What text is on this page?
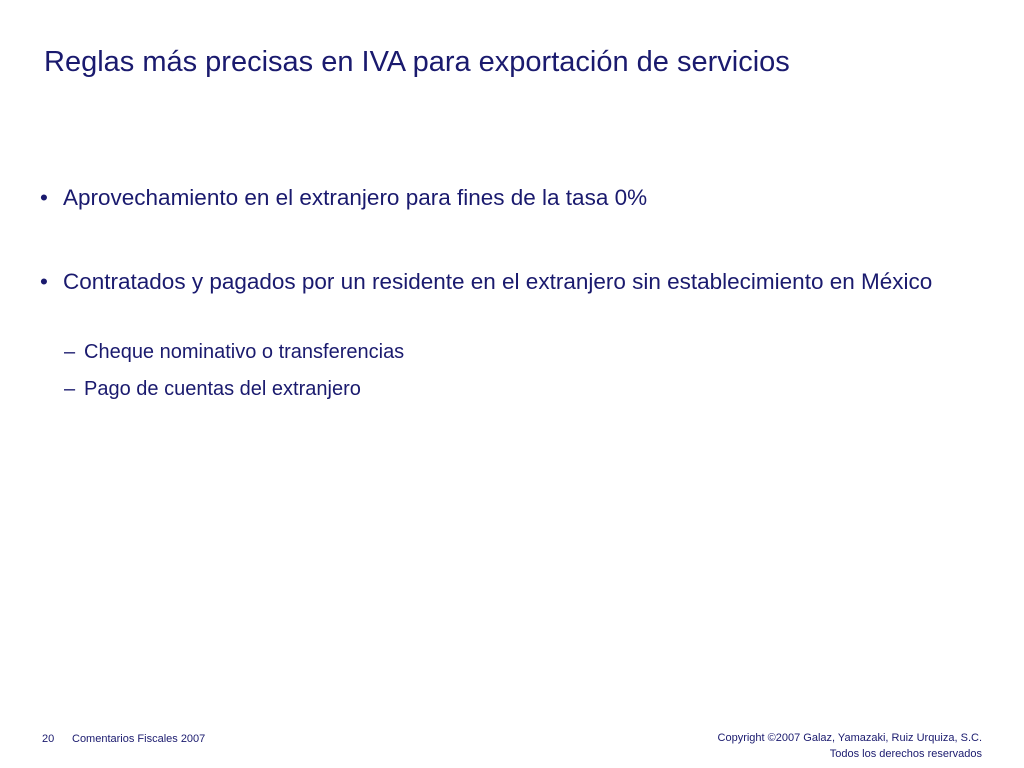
Reglas más precisas en IVA para exportación de servicios
• Aprovechamiento en el extranjero para fines de la tasa 0%
• Contratados y pagados por un residente en el extranjero sin establecimiento en México
– Cheque nominativo o transferencias
– Pago de cuentas del extranjero
20 Comentarios Fiscales 2007	Copyright ©2007 Galaz, Yamazaki, Ruiz Urquiza, S.C.
Todos los derechos reservados
